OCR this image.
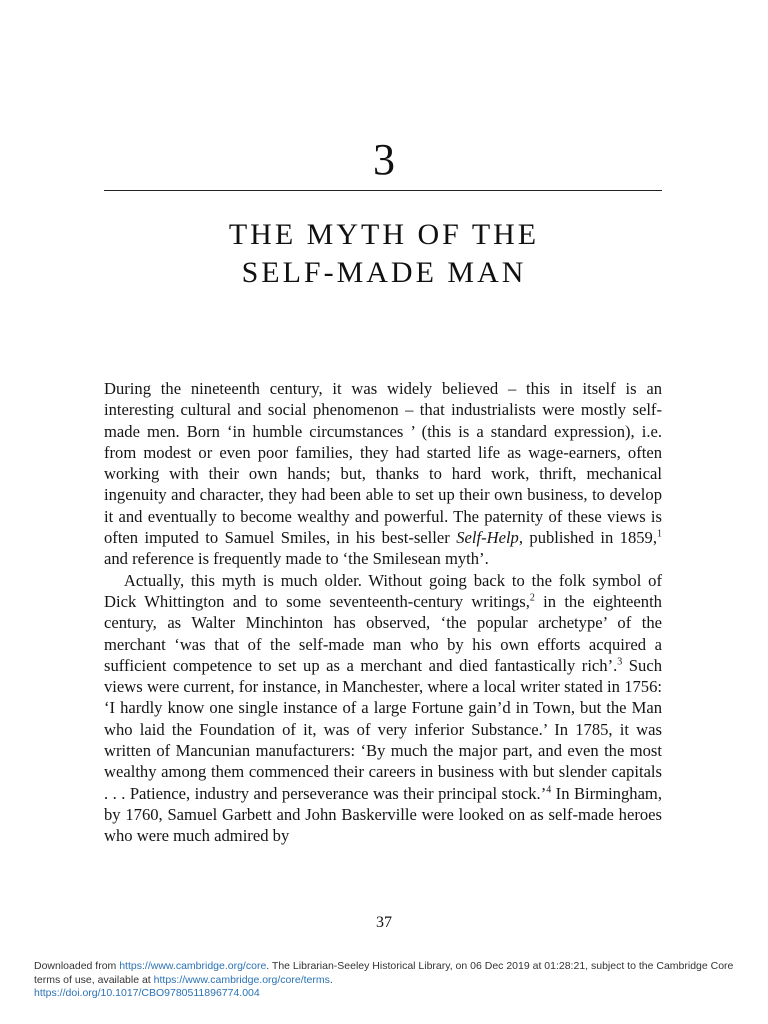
3
THE MYTH OF THE
SELF-MADE MAN

During the nineteenth century, it was widely believed – this in itself is an interesting cultural and social phenomenon – that industrialists were mostly self-made men. Born ‘in humble circumstances ’ (this is a standard expression), i.e. from modest or even poor families, they had started life as wage-earners, often working with their own hands; but, thanks to hard work, thrift, mechanical ingenuity and character, they had been able to set up their own business, to develop it and eventually to become wealthy and powerful. The paternity of these views is often imputed to Samuel Smiles, in his best-seller Self-Help, published in 1859,$^1$ and reference is frequently made to ‘the Smilesean myth’.

Actually, this myth is much older. Without going back to the folk symbol of Dick Whittington and to some seventeenth-century writings,$^2$ in the eighteenth century, as Walter Minchinton has observed, ‘the popular archetype’ of the merchant ‘was that of the self-made man who by his own efforts acquired a sufficient competence to set up as a merchant and died fantastically rich’.$^3$ Such views were current, for instance, in Manchester, where a local writer stated in 1756: ‘I hardly know one single instance of a large Fortune gain’d in Town, but the Man who laid the Foundation of it, was of very inferior Substance.’ In 1785, it was written of Mancunian manufacturers: ‘By much the major part, and even the most wealthy among them commenced their careers in business with but slender capitals . . . Patience, industry and perseverance was their principal stock.’$^4$ In Birmingham, by 1760, Samuel Garbett and John Baskerville were looked on as self-made heroes who were much admired by

37
Downloaded from https://www.cambridge.org/core. The Librarian-Seeley Historical Library, on 06 Dec 2019 at 01:28:21, subject to the Cambridge Core terms of use, available at https://www.cambridge.org/core/terms.
https://doi.org/10.1017/CBO9780511896774.004
